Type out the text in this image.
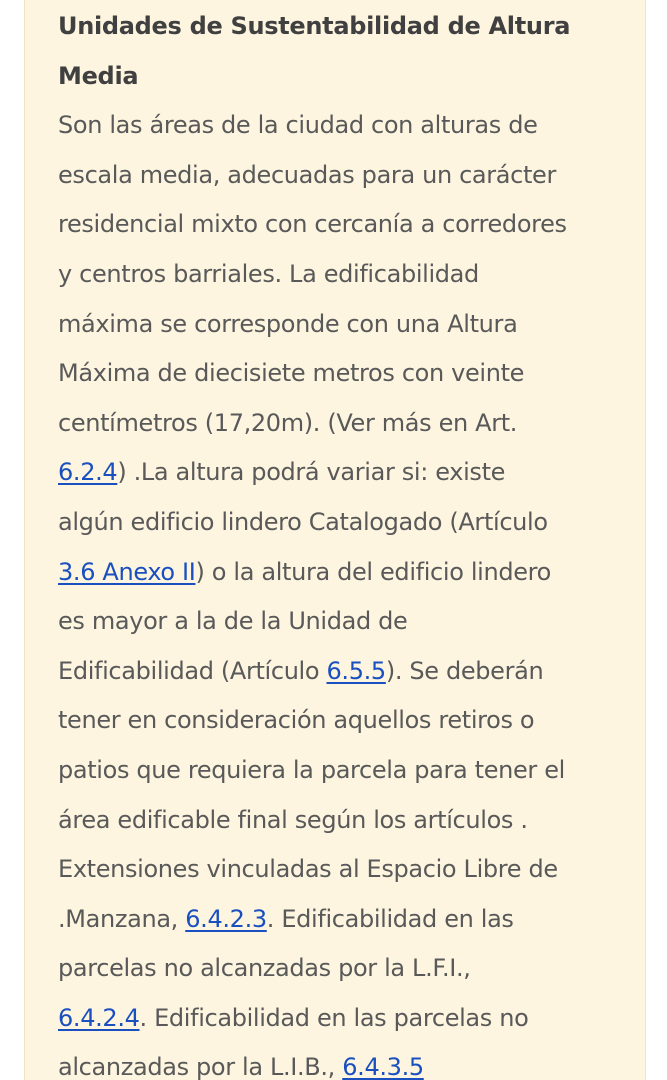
Unidades de Sustentabilidad de Altura
Media
Son las áreas de la ciudad con alturas de
escala media, adecuadas para un carácter
residencial mixto con cercanía a corredores
y centros barriales. La edificabilidad
máxima se corresponde con una Altura
Máxima de diecisiete metros con veinte
centímetros (17,20m). (Ver más en Art.
6.2.4) .La altura podrá variar si: existe
algún edificio lindero Catalogado (Artículo
3.6 Anexo II) o la altura del edificio lindero
es mayor a la de la Unidad de
Edificabilidad (Artículo 6.5.5). Se deberán
tener en consideración aquellos retiros o
patios que requiera la parcela para tener el
área edificable final según los artículos .
Extensiones vinculadas al Espacio Libre de
.Manzana, 6.4.2.3. Edificabilidad en las
parcelas no alcanzadas por la L.F.I.,
6.4.2.4. Edificabilidad en las parcelas no
alcanzadas por la L.I.B., 6.4.3.5
